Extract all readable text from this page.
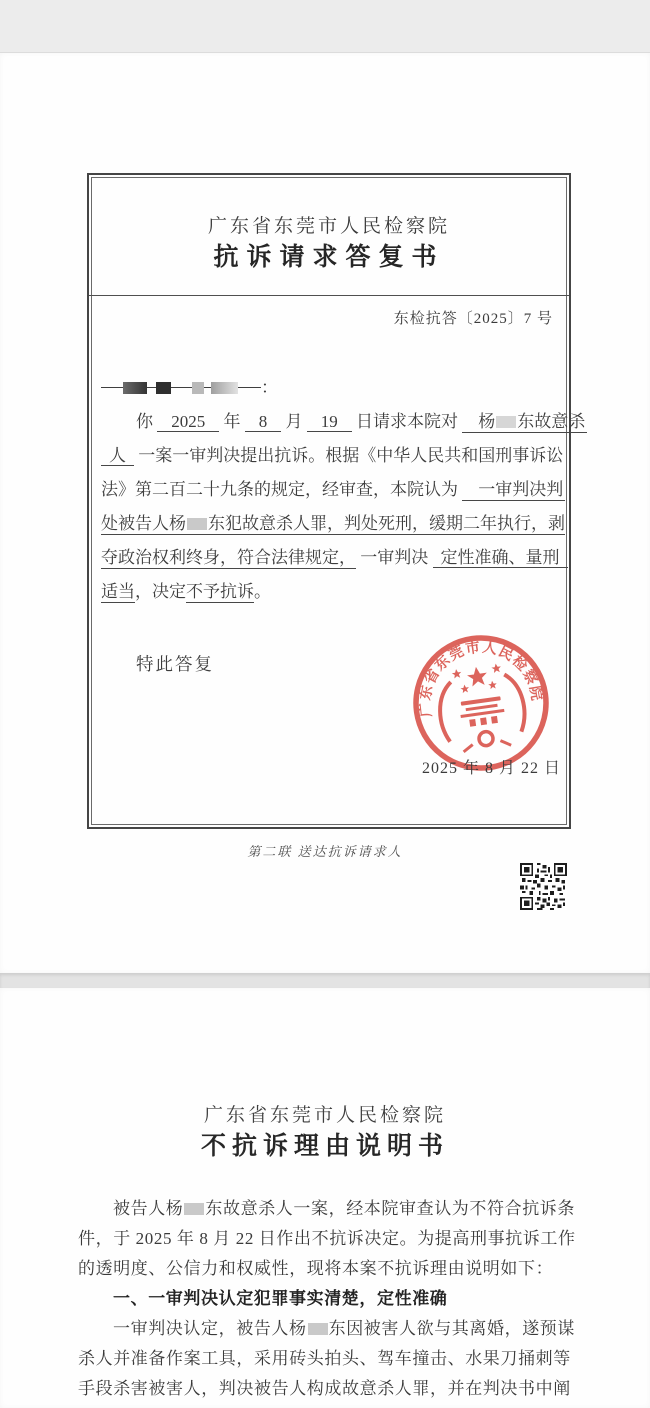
广东省东莞市人民检察院
抗诉请求答复书
东检抗答〔2025〕7 号
：
你 2025 年 8 月 19 日请求本院对 杨 东故意杀
人 一案一审判决提出抗诉。根据《中华人民共和国刑事诉讼
法》第二百二十九条的规定，经审查，本院认为 一审判决判
处被告人杨 东犯故意杀人罪，判处死刑，缓期二年执行，剥
夺政治权利终身，符合法律规定， 一审判决 定性准确、量刑
适当，决定不予抗诉。
特此答复
广东省东莞市人民检察院
2025 年 8 月 22 日
第二联 送达抗诉请求人
广东省东莞市人民检察院
不抗诉理由说明书
被告人杨 东故意杀人一案，经本院审查认为不符合抗诉条
件，于 2025 年 8 月 22 日作出不抗诉决定。为提高刑事抗诉工作
的透明度、公信力和权威性，现将本案不抗诉理由说明如下：
一、一审判决认定犯罪事实清楚，定性准确
一审判决认定，被告人杨 东因被害人欲与其离婚，遂预谋
杀人并准备作案工具，采用砖头拍头、驾车撞击、水果刀捅刺等
手段杀害被害人，判决被告人构成故意杀人罪，并在判决书中阐
